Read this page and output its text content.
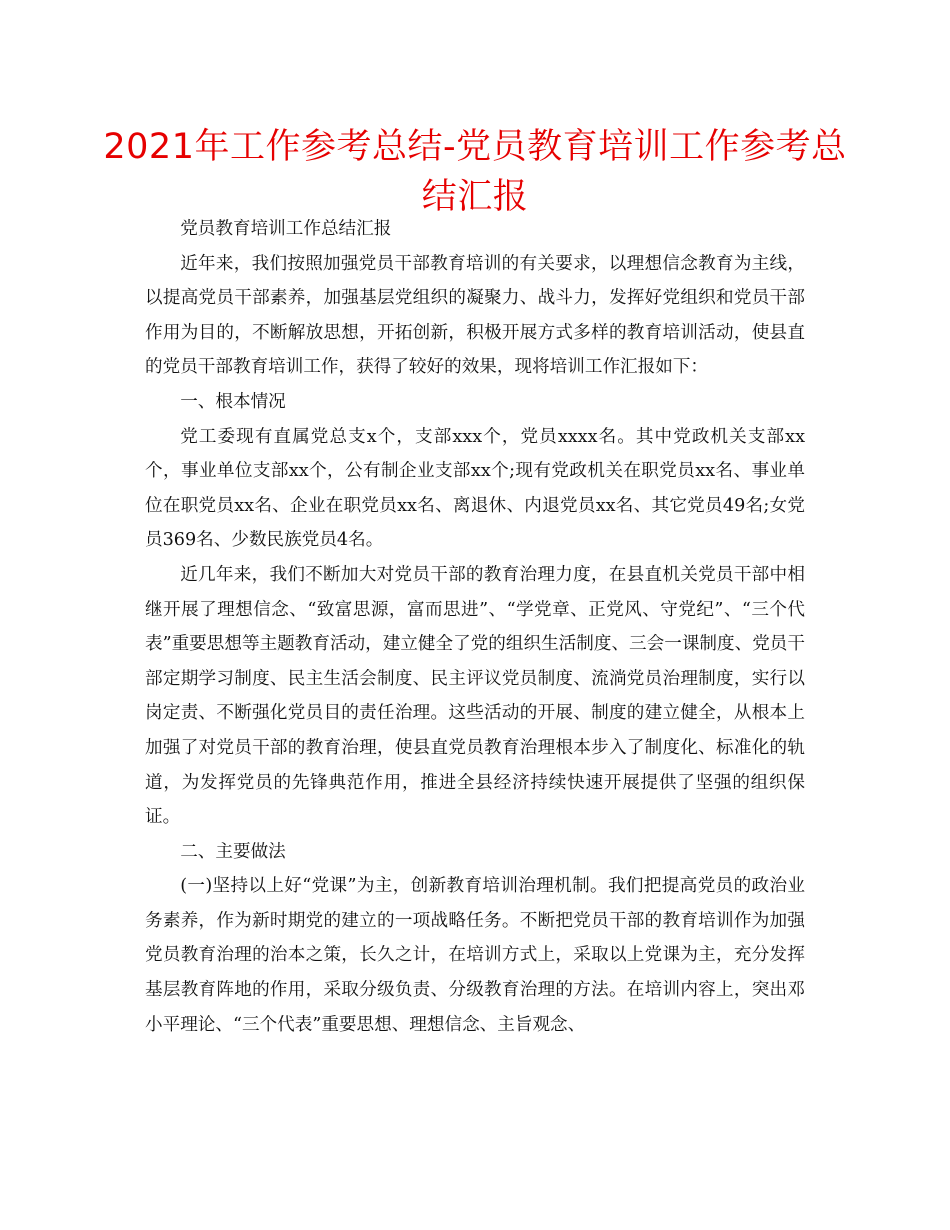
2021年工作参考总结-党员教育培训工作参考总
结汇报

党员教育培训工作总结汇报

近年来，我们按照加强党员干部教育培训的有关要求，以理想信念教育为主线，以提高党员干部素养，加强基层党组织的凝聚力、战斗力，发挥好党组织和党员干部作用为目的，不断解放思想，开拓创新，积极开展方式多样的教育培训活动，使县直的党员干部教育培训工作，获得了较好的效果，现将培训工作汇报如下：

一、根本情况

党工委现有直属党总支x个，支部xxx个，党员xxxx名。其中党政机关支部xx个，事业单位支部xx个，公有制企业支部xx个;现有党政机关在职党员xx名、事业单位在职党员xx名、企业在职党员xx名、离退休、内退党员xx名、其它党员49名;女党员369名、少数民族党员4名。

近几年来，我们不断加大对党员干部的教育治理力度，在县直机关党员干部中相继开展了理想信念、“致富思源，富而思进”、“学党章、正党风、守党纪”、“三个代表”重要思想等主题教育活动，建立健全了党的组织生活制度、三会一课制度、党员干部定期学习制度、民主生活会制度、民主评议党员制度、流淌党员治理制度，实行以岗定责、不断强化党员目的责任治理。这些活动的开展、制度的建立健全，从根本上加强了对党员干部的教育治理，使县直党员教育治理根本步入了制度化、标准化的轨道，为发挥党员的先锋典范作用，推进全县经济持续快速开展提供了坚强的组织保证。

二、主要做法

(一)坚持以上好“党课”为主，创新教育培训治理机制。我们把提高党员的政治业务素养，作为新时期党的建立的一项战略任务。不断把党员干部的教育培训作为加强党员教育治理的治本之策，长久之计，在培训方式上，采取以上党课为主，充分发挥基层教育阵地的作用，采取分级负责、分级教育治理的方法。在培训内容上，突出邓小平理论、“三个代表”重要思想、理想信念、主旨观念、
